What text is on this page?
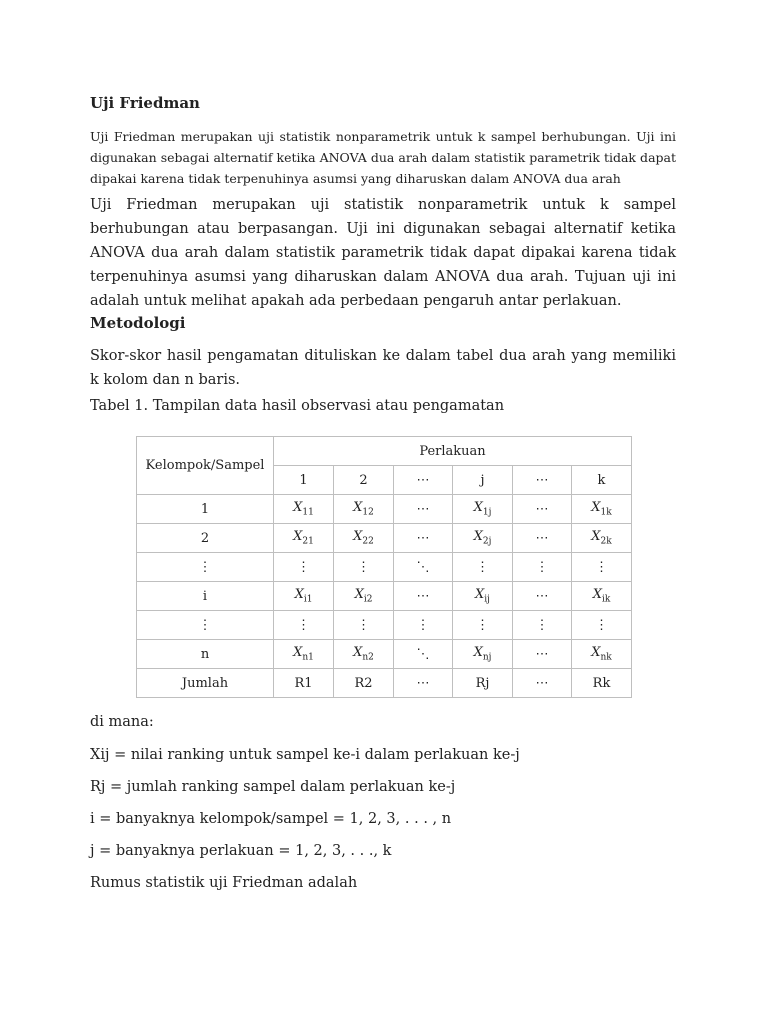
Uji Friedman

Uji Friedman merupakan uji statistik nonparametrik untuk k sampel berhubungan. Uji ini digunakan sebagai alternatif ketika ANOVA dua arah dalam statistik parametrik tidak dapat dipakai karena tidak terpenuhinya asumsi yang diharuskan dalam ANOVA dua arah

Uji Friedman merupakan uji statistik nonparametrik untuk k sampel berhubungan atau berpasangan. Uji ini digunakan sebagai alternatif ketika ANOVA dua arah dalam statistik parametrik tidak dapat dipakai karena tidak terpenuhinya asumsi yang diharuskan dalam ANOVA dua arah. Tujuan uji ini adalah untuk melihat apakah ada perbedaan pengaruh antar perlakuan.

Metodologi

Skor-skor hasil pengamatan dituliskan ke dalam tabel dua arah yang memiliki k kolom dan n baris.

Tabel 1. Tampilan data hasil observasi atau pengamatan

Kelompok/Sampel	Perlakuan					
	1	2	⋯	j	⋯	k
1	$X_{11}$	$X_{12}$	⋯	$X_{1j}$	⋯	$X_{1k}$
2	$X_{21}$	$X_{22}$	⋯	$X_{2j}$	⋯	$X_{2k}$
⋮	⋮	⋮	⋱	⋮	⋮	⋮
i	$X_{i1}$	$X_{i2}$	⋯	$X_{ij}$	⋯	$X_{ik}$
⋮	⋮	⋮	⋮	⋮	⋮	⋮
n	$X_{n1}$	$X_{n2}$	⋱	$X_{nj}$	⋯	$X_{nk}$
Jumlah	R1	R2	⋯	Rj	⋯	Rk

di mana:

Xij = nilai ranking untuk sampel ke-i dalam perlakuan ke-j

Rj = jumlah ranking sampel dalam perlakuan ke-j

i = banyaknya kelompok/sampel = 1, 2, 3, . . . , n

j = banyaknya perlakuan = 1, 2, 3, . . ., k

Rumus statistik uji Friedman adalah
